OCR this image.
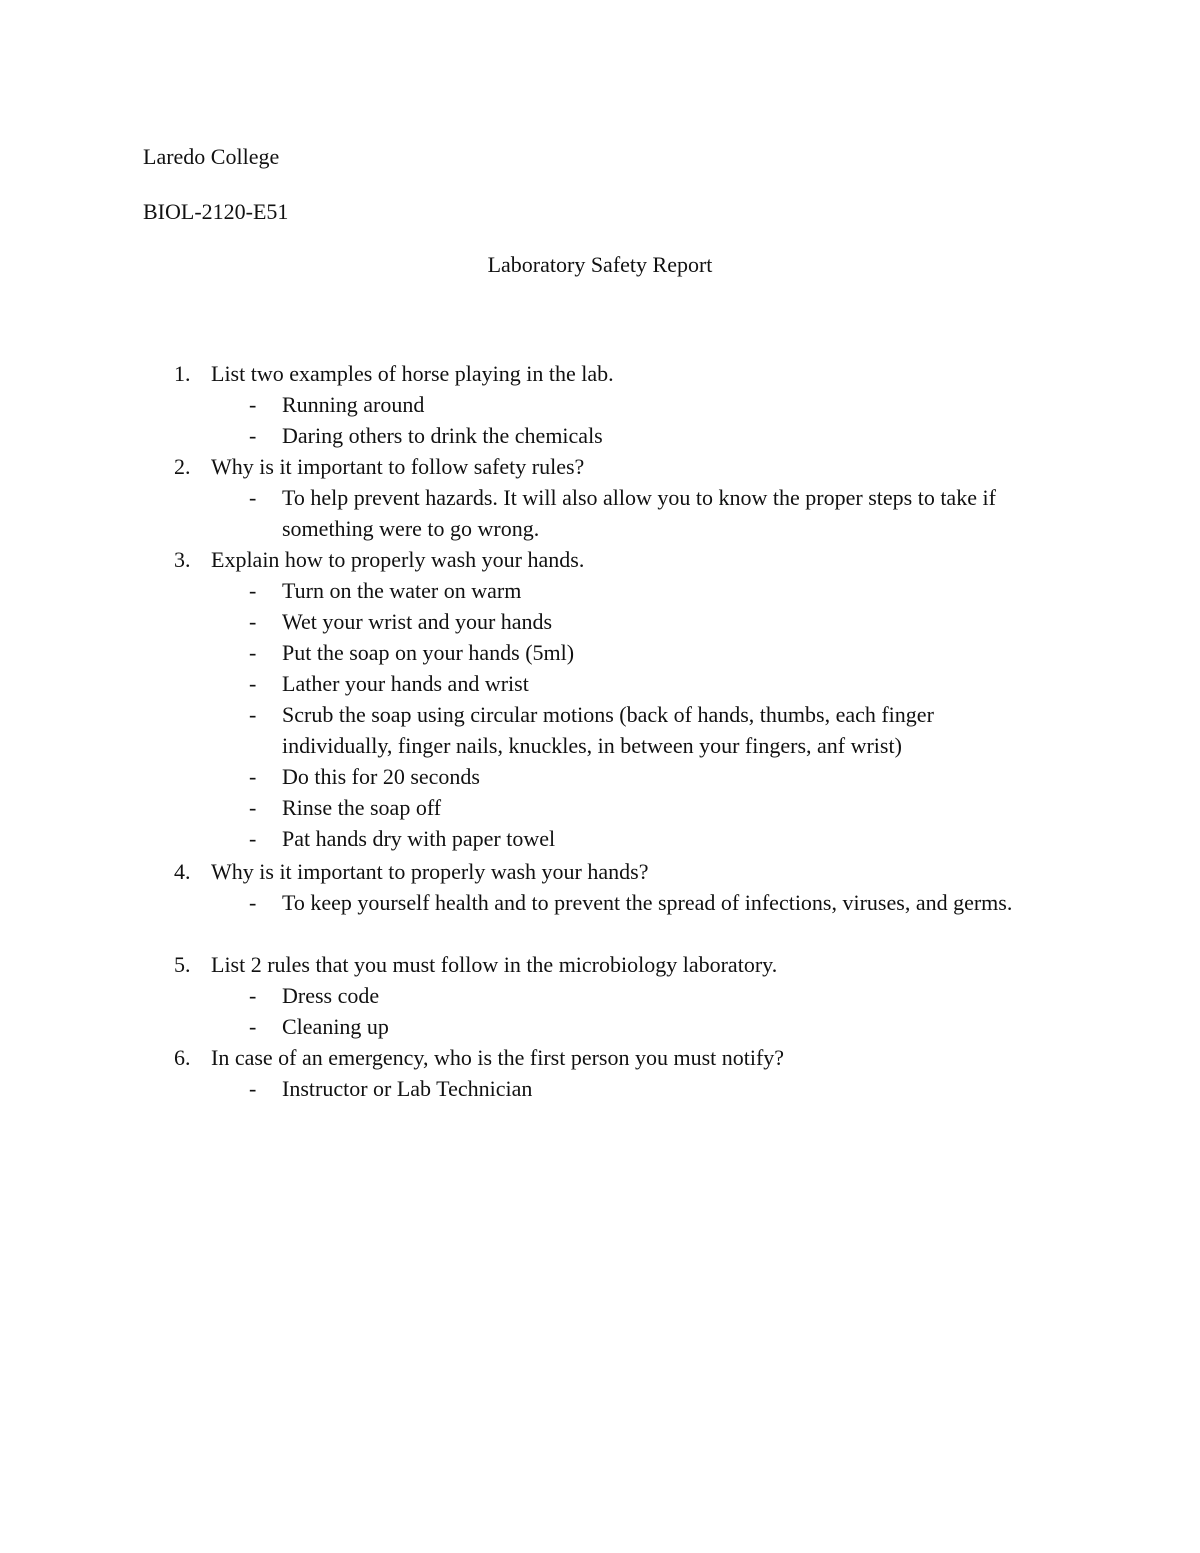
Laredo College
BIOL-2120-E51
Laboratory Safety Report
1. List two examples of horse playing in the lab.
- Running around
- Daring others to drink the chemicals
2. Why is it important to follow safety rules?
- To help prevent hazards. It will also allow you to know the proper steps to take if something were to go wrong.
3. Explain how to properly wash your hands.
- Turn on the water on warm
- Wet your wrist and your hands
- Put the soap on your hands (5ml)
- Lather your hands and wrist
- Scrub the soap using circular motions (back of hands, thumbs, each finger individually, finger nails, knuckles, in between your fingers, anf wrist)
- Do this for 20 seconds
- Rinse the soap off
- Pat hands dry with paper towel
4. Why is it important to properly wash your hands?
- To keep yourself health and to prevent the spread of infections, viruses, and germs.
5. List 2 rules that you must follow in the microbiology laboratory.
- Dress code
- Cleaning up
6. In case of an emergency, who is the first person you must notify?
- Instructor or Lab Technician
